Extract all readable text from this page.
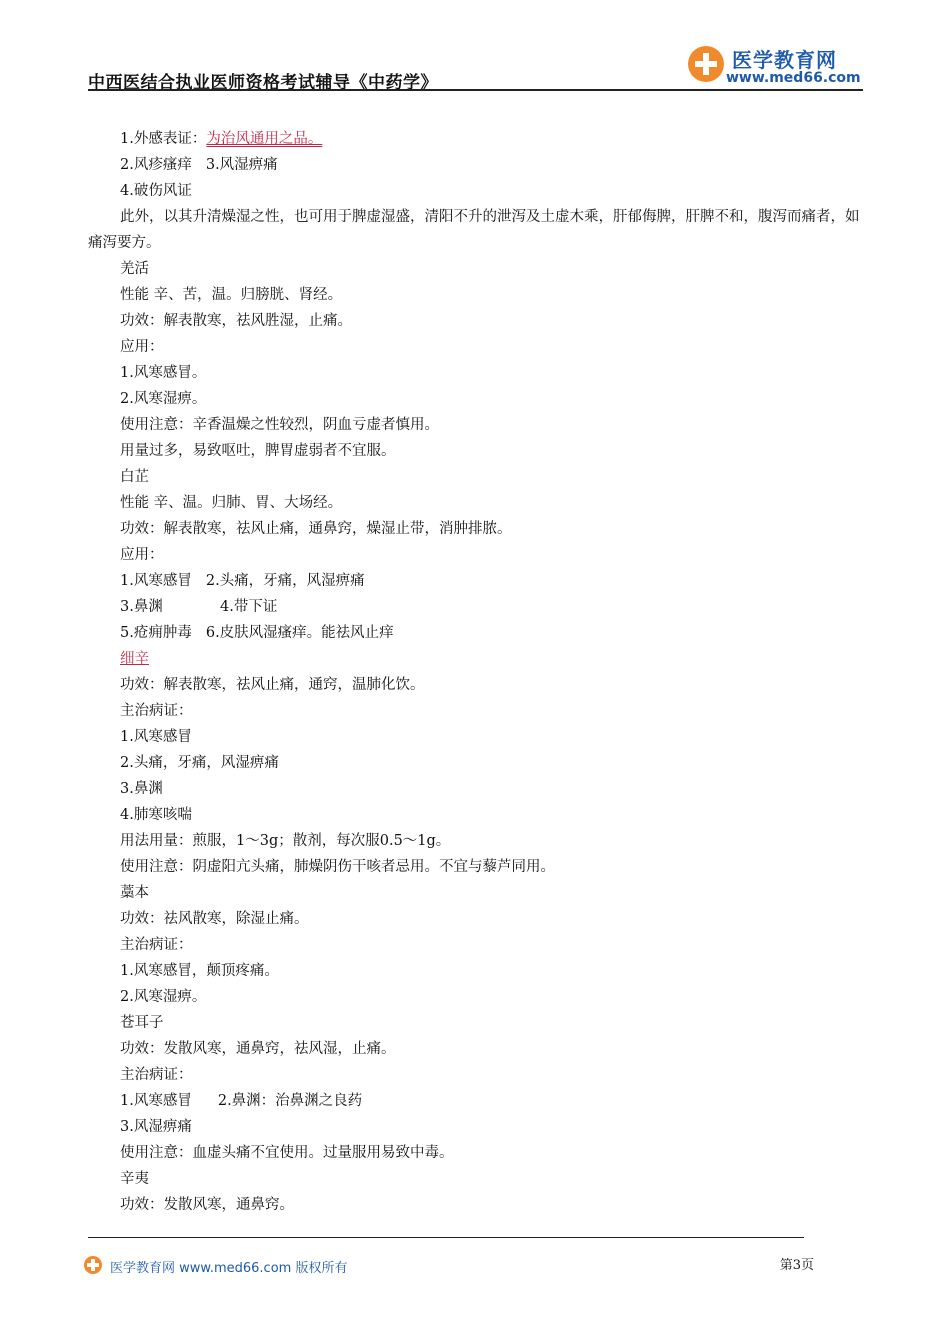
中西医结合执业医师资格考试辅导《中药学》
医学教育网
www.med66.com
1.外感表证：为治风通用之品。
2.风疹瘙痒 3.风湿痹痛
4.破伤风证
此外，以其升清燥湿之性，也可用于脾虚湿盛，清阳不升的泄泻及土虚木乘，肝郁侮脾，肝脾不和，腹泻而痛者，如痛泻要方。
羌活
性能 辛、苦，温。归膀胱、肾经。
功效：解表散寒，祛风胜湿，止痛。
应用：
1.风寒感冒。
2.风寒湿痹。
使用注意：辛香温燥之性较烈，阴血亏虚者慎用。
用量过多，易致呕吐，脾胃虚弱者不宜服。
白芷
性能 辛、温。归肺、胃、大场经。
功效：解表散寒，祛风止痛，通鼻窍，燥湿止带，消肿排脓。
应用：
1.风寒感冒 2.头痛，牙痛，风湿痹痛
3.鼻渊	4.带下证
5.疮痈肿毒 6.皮肤风湿瘙痒。能祛风止痒
细辛
功效：解表散寒，祛风止痛，通窍，温肺化饮。
主治病证：
1.风寒感冒
2.头痛，牙痛，风湿痹痛
3.鼻渊
4.肺寒咳喘
用法用量：煎服，1～3g；散剂，每次服0.5～1g。
使用注意：阴虚阳亢头痛，肺燥阴伤干咳者忌用。不宜与藜芦同用。
藁本
功效：祛风散寒，除湿止痛。
主治病证：
1.风寒感冒，颠顶疼痛。
2.风寒湿痹。
苍耳子
功效：发散风寒，通鼻窍，祛风湿，止痛。
主治病证：
1.风寒感冒 2.鼻渊：治鼻渊之良药
3.风湿痹痛
使用注意：血虚头痛不宜使用。过量服用易致中毒。
辛夷
功效：发散风寒，通鼻窍。
医学教育网 www.med66.com 版权所有	第3页
